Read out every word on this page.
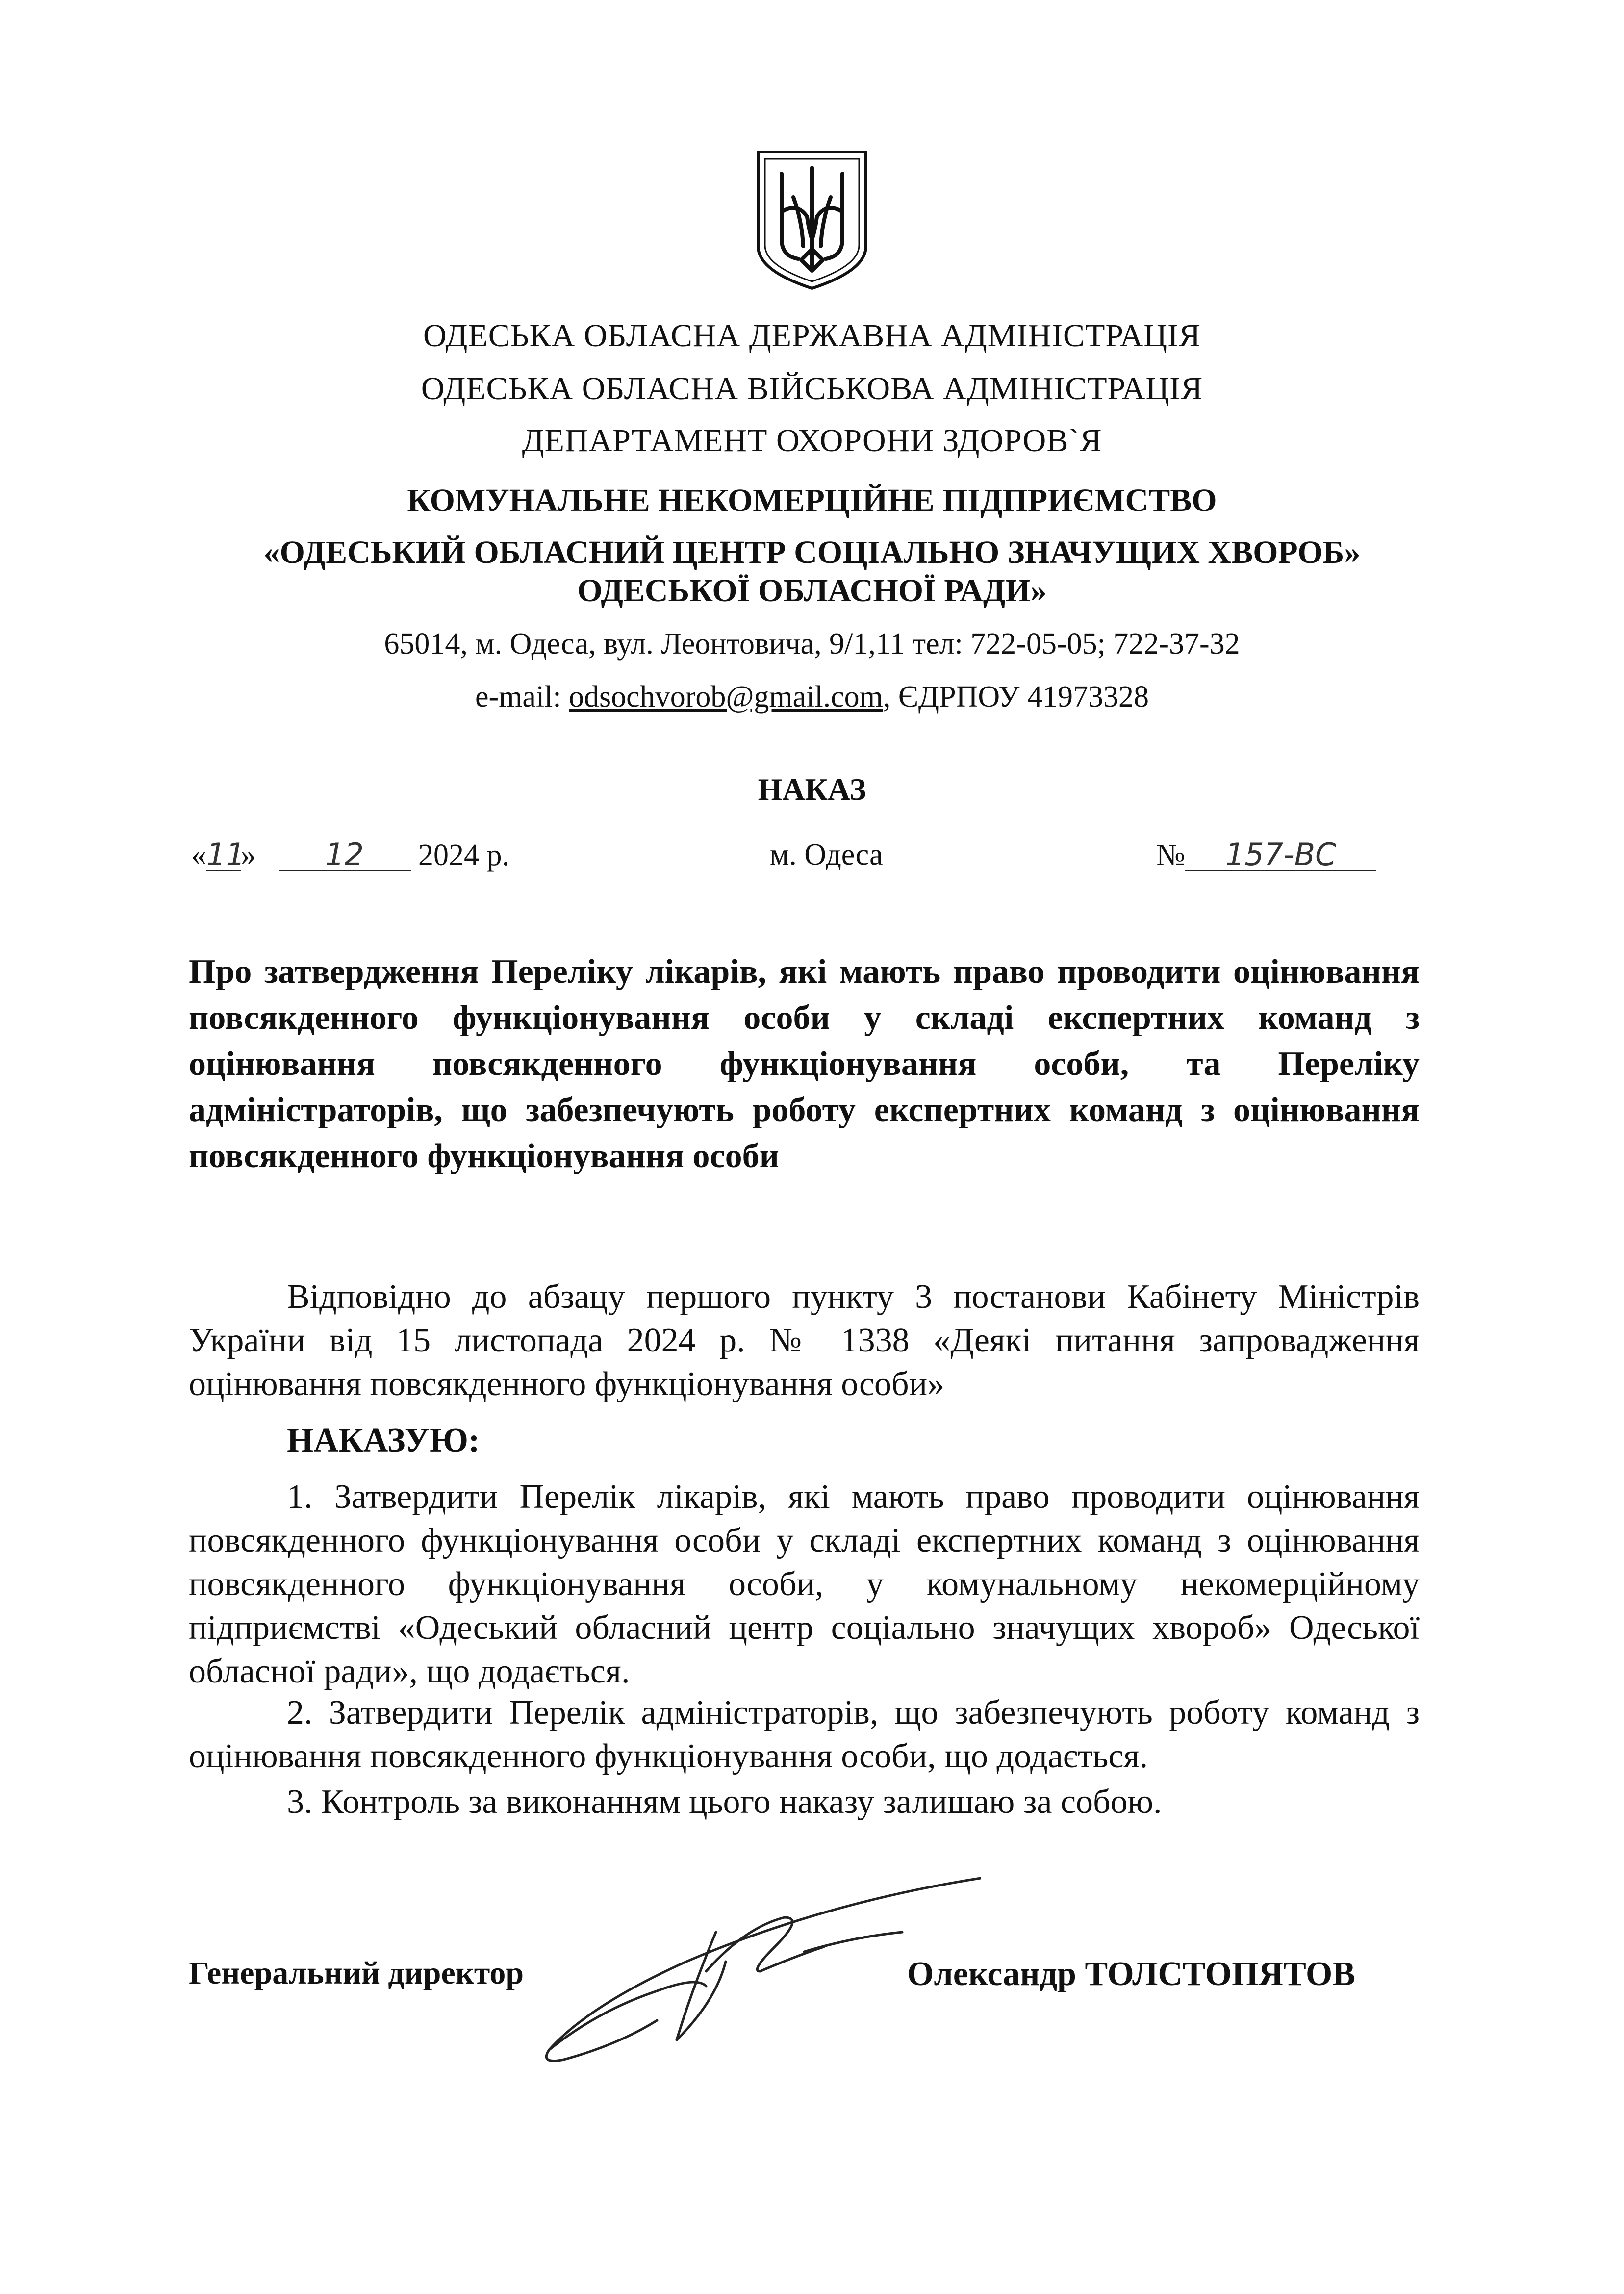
ОДЕСЬКА ОБЛАСНА ДЕРЖАВНА АДМІНІСТРАЦІЯ
ОДЕСЬКА ОБЛАСНА ВІЙСЬКОВА АДМІНІСТРАЦІЯ
ДЕПАРТАМЕНТ ОХОРОНИ ЗДОРОВ`Я
КОМУНАЛЬНЕ НЕКОМЕРЦІЙНЕ ПІДПРИЄМСТВО
«ОДЕСЬКИЙ ОБЛАСНИЙ ЦЕНТР СОЦІАЛЬНО ЗНАЧУЩИХ ХВОРОБ»
ОДЕСЬКОЇ ОБЛАСНОЇ РАДИ»
65014, м. Одеса, вул. Леонтовича, 9/1,11 тел: 722-05-05; 722-37-32
e-mail: odsochvorob@gmail.com, ЄДРПОУ 41973328
НАКАЗ
«11» 12 2024 р.	м. Одеса	№ 157-ВС
Про затвердження Переліку лікарів, які мають право проводити оцінювання повсякденного функціонування особи у складі експертних команд з оцінювання повсякденного функціонування особи, та Переліку адміністраторів, що забезпечують роботу експертних команд з оцінювання повсякденного функціонування особи
Відповідно до абзацу першого пункту 3 постанови Кабінету Міністрів України від 15 листопада 2024 р. № 1338 «Деякі питання запровадження оцінювання повсякденного функціонування особи»
НАКАЗУЮ:
1. Затвердити Перелік лікарів, які мають право проводити оцінювання повсякденного функціонування особи у складі експертних команд з оцінювання повсякденного функціонування особи, у комунальному некомерційному підприємстві «Одеський обласний центр соціально значущих хвороб» Одеської обласної ради», що додається.
2. Затвердити Перелік адміністраторів, що забезпечують роботу команд з оцінювання повсякденного функціонування особи, що додається.
3. Контроль за виконанням цього наказу залишаю за собою.
Генеральний директор	Олександр ТОЛСТОПЯТОВ
